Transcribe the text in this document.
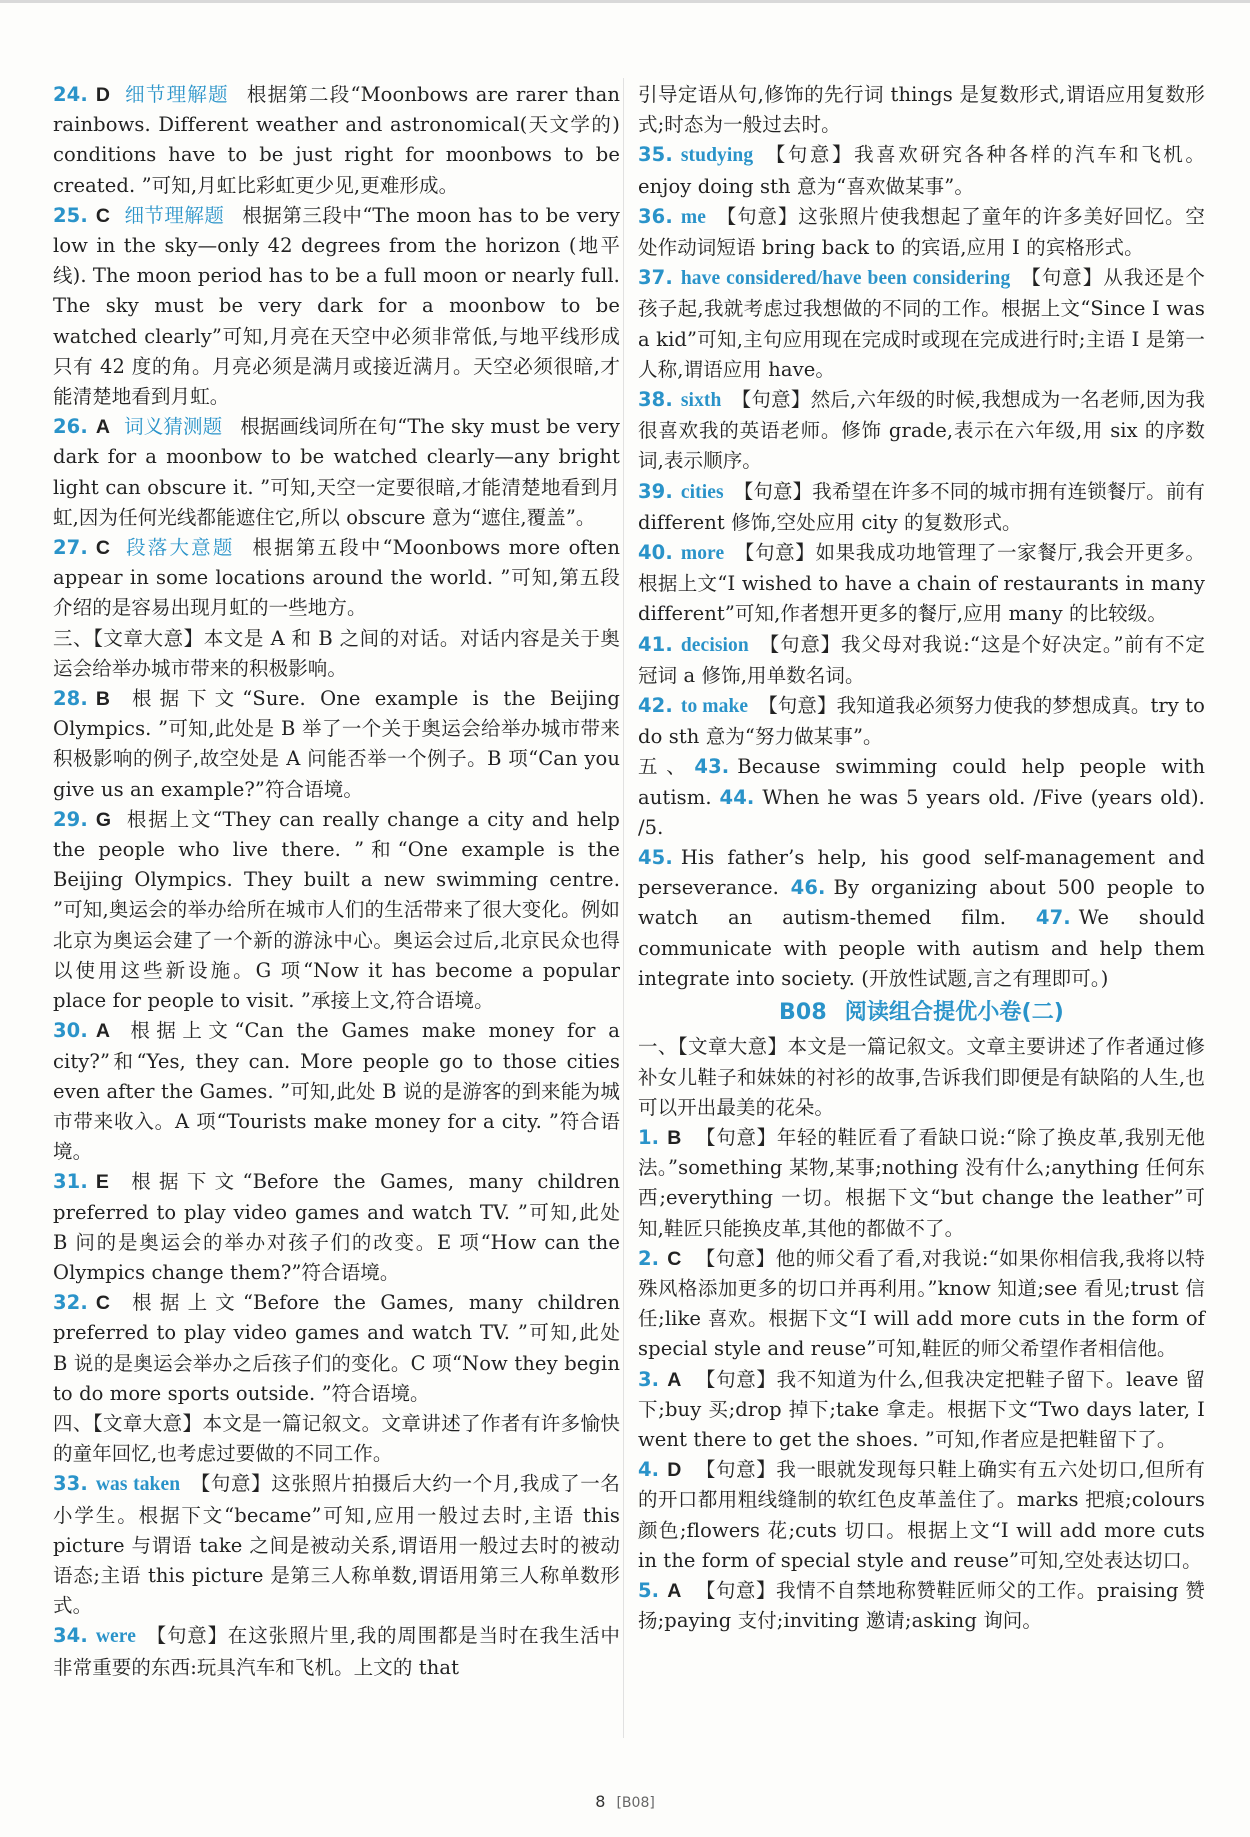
24. D 细节理解题 根据第二段“Moonbows are rarer than rainbows. Different weather and astronomical(天文学的) conditions have to be just right for moonbows to be created. ”可知,月虹比彩虹更少见,更难形成。

25. C 细节理解题 根据第三段中“The moon has to be very low in the sky—only 42 degrees from the horizon (地平线). The moon period has to be a full moon or nearly full. The sky must be very dark for a moonbow to be watched clearly”可知,月亮在天空中必须非常低,与地平线形成只有 42 度的角。月亮必须是满月或接近满月。天空必须很暗,才能清楚地看到月虹。

26. A 词义猜测题 根据画线词所在句“The sky must be very dark for a moonbow to be watched clearly—any bright light can obscure it. ”可知,天空一定要很暗,才能清楚地看到月虹,因为任何光线都能遮住它,所以 obscure 意为“遮住,覆盖”。

27. C 段落大意题 根据第五段中“Moonbows more often appear in some locations around the world. ”可知,第五段介绍的是容易出现月虹的一些地方。

三、【文章大意】本文是 A 和 B 之间的对话。对话内容是关于奥运会给举办城市带来的积极影响。

28. B 根据下文“Sure. One example is the Beijing Olympics. ”可知,此处是 B 举了一个关于奥运会给举办城市带来积极影响的例子,故空处是 A 问能否举一个例子。B 项“Can you give us an example?”符合语境。

29. G 根据上文“They can really change a city and help the people who live there. ”和“One example is the Beijing Olympics. They built a new swimming centre. ”可知,奥运会的举办给所在城市人们的生活带来了很大变化。例如北京为奥运会建了一个新的游泳中心。奥运会过后,北京民众也得以使用这些新设施。G 项“Now it has become a popular place for people to visit. ”承接上文,符合语境。

30. A 根据上文“Can the Games make money for a city?”和“Yes, they can. More people go to those cities even after the Games. ”可知,此处 B 说的是游客的到来能为城市带来收入。A 项“Tourists make money for a city. ”符合语境。

31. E 根据下文“Before the Games, many children preferred to play video games and watch TV. ”可知,此处 B 问的是奥运会的举办对孩子们的改变。E 项“How can the Olympics change them?”符合语境。

32. C 根据上文“Before the Games, many children preferred to play video games and watch TV. ”可知,此处 B 说的是奥运会举办之后孩子们的变化。C 项“Now they begin to do more sports outside. ”符合语境。

四、【文章大意】本文是一篇记叙文。文章讲述了作者有许多愉快的童年回忆,也考虑过要做的不同工作。

33. was taken 【句意】这张照片拍摄后大约一个月,我成了一名小学生。根据下文“became”可知,应用一般过去时,主语 this picture 与谓语 take 之间是被动关系,谓语用一般过去时的被动语态;主语 this picture 是第三人称单数,谓语用第三人称单数形式。

34. were 【句意】在这张照片里,我的周围都是当时在我生活中非常重要的东西:玩具汽车和飞机。上文的 that

引导定语从句,修饰的先行词 things 是复数形式,谓语应用复数形式;时态为一般过去时。

35. studying 【句意】我喜欢研究各种各样的汽车和飞机。enjoy doing sth 意为“喜欢做某事”。

36. me 【句意】这张照片使我想起了童年的许多美好回忆。空处作动词短语 bring back to 的宾语,应用 I 的宾格形式。

37. have considered/have been considering 【句意】从我还是个孩子起,我就考虑过我想做的不同的工作。根据上文“Since I was a kid”可知,主句应用现在完成时或现在完成进行时;主语 I 是第一人称,谓语应用 have。

38. sixth 【句意】然后,六年级的时候,我想成为一名老师,因为我很喜欢我的英语老师。修饰 grade,表示在六年级,用 six 的序数词,表示顺序。

39. cities 【句意】我希望在许多不同的城市拥有连锁餐厅。前有 different 修饰,空处应用 city 的复数形式。

40. more 【句意】如果我成功地管理了一家餐厅,我会开更多。根据上文“I wished to have a chain of restaurants in many different”可知,作者想开更多的餐厅,应用 many 的比较级。

41. decision 【句意】我父母对我说:“这是个好决定。”前有不定冠词 a 修饰,用单数名词。

42. to make 【句意】我知道我必须努力使我的梦想成真。try to do sth 意为“努力做某事”。

五、43. Because swimming could help people with autism. 44. When he was 5 years old. /Five (years old). /5.

45. His father’s help, his good self-management and perseverance. 46. By organizing about 500 people to watch an autism-themed film. 47. We should communicate with people with autism and help them integrate into society. (开放性试题,言之有理即可。)

B08 阅读组合提优小卷(二)

一、【文章大意】本文是一篇记叙文。文章主要讲述了作者通过修补女儿鞋子和妹妹的衬衫的故事,告诉我们即便是有缺陷的人生,也可以开出最美的花朵。

1. B 【句意】年轻的鞋匠看了看缺口说:“除了换皮革,我别无他法。”something 某物,某事;nothing 没有什么;anything 任何东西;everything 一切。根据下文“but change the leather”可知,鞋匠只能换皮革,其他的都做不了。

2. C 【句意】他的师父看了看,对我说:“如果你相信我,我将以特殊风格添加更多的切口并再利用。”know 知道;see 看见;trust 信任;like 喜欢。根据下文“I will add more cuts in the form of special style and reuse”可知,鞋匠的师父希望作者相信他。

3. A 【句意】我不知道为什么,但我决定把鞋子留下。leave 留下;buy 买;drop 掉下;take 拿走。根据下文“Two days later, I went there to get the shoes. ”可知,作者应是把鞋留下了。

4. D 【句意】我一眼就发现每只鞋上确实有五六处切口,但所有的开口都用粗线缝制的软红色皮革盖住了。marks 把痕;colours 颜色;flowers 花;cuts 切口。根据上文“I will add more cuts in the form of special style and reuse”可知,空处表达切口。

5. A 【句意】我情不自禁地称赞鞋匠师父的工作。praising 赞扬;paying 支付;inviting 邀请;asking 询问。

8 [B08]
